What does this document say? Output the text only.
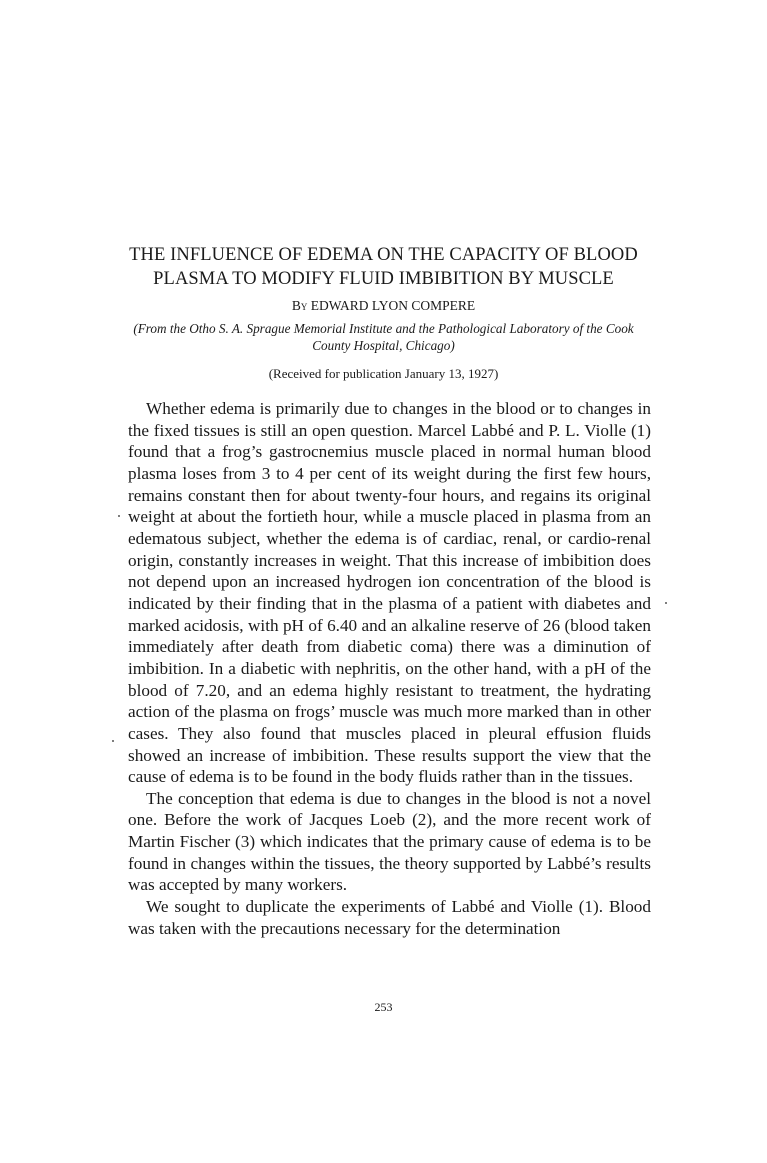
THE INFLUENCE OF EDEMA ON THE CAPACITY OF BLOOD
PLASMA TO MODIFY FLUID IMBIBITION BY MUSCLE
By EDWARD LYON COMPERE
(From the Otho S. A. Sprague Memorial Institute and the Pathological Laboratory of the Cook County Hospital, Chicago)
(Received for publication January 13, 1927)

Whether edema is primarily due to changes in the blood or to changes in the fixed tissues is still an open question. Marcel Labbé and P. L. Violle (1) found that a frog’s gastrocnemius muscle placed in normal human blood plasma loses from 3 to 4 per cent of its weight during the first few hours, remains constant then for about twenty-four hours, and regains its original weight at about the fortieth hour, while a muscle placed in plasma from an edematous subject, whether the edema is of cardiac, renal, or cardio-renal origin, constantly increases in weight. That this increase of imbibition does not depend upon an increased hydrogen ion concentration of the blood is indicated by their finding that in the plasma of a patient with diabetes and marked acidosis, with pH of 6.40 and an alkaline reserve of 26 (blood taken immediately after death from diabetic coma) there was a diminution of imbibition. In a diabetic with nephritis, on the other hand, with a pH of the blood of 7.20, and an edema highly resistant to treatment, the hydrating action of the plasma on frogs’ muscle was much more marked than in other cases. They also found that muscles placed in pleural effusion fluids showed an increase of imbibition. These results support the view that the cause of edema is to be found in the body fluids rather than in the tissues.

The conception that edema is due to changes in the blood is not a novel one. Before the work of Jacques Loeb (2), and the more recent work of Martin Fischer (3) which indicates that the primary cause of edema is to be found in changes within the tissues, the theory supported by Labbé’s results was accepted by many workers.

We sought to duplicate the experiments of Labbé and Violle (1). Blood was taken with the precautions necessary for the determination

253
